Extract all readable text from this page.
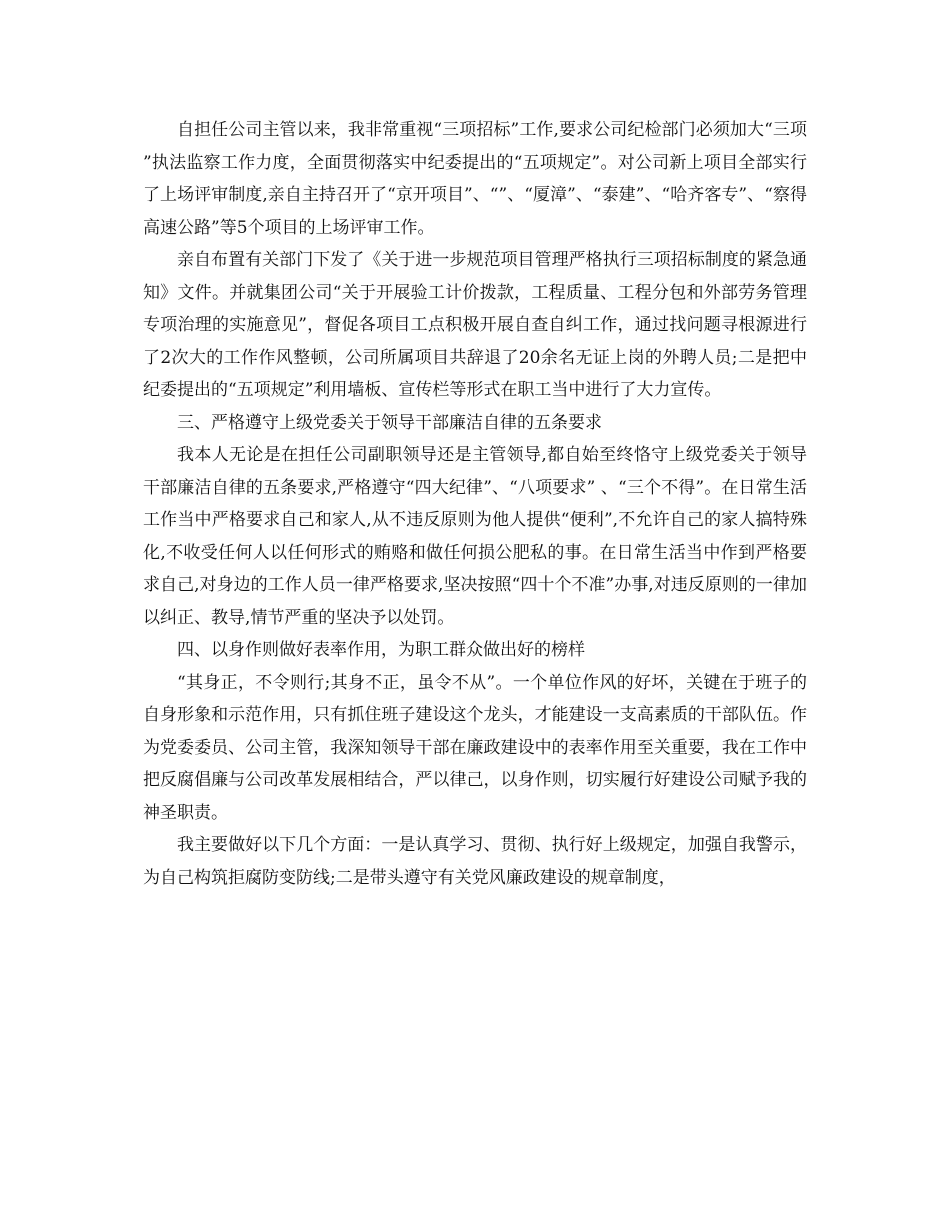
自担任公司主管以来，我非常重视“三项招标”工作,要求公司纪检部门必须加大“三项”执法监察工作力度，全面贯彻落实中纪委提出的“五项规定”。对公司新上项目全部实行了上场评审制度,亲自主持召开了“京开项目”、“”、“厦漳”、“泰建”、“哈齐客专”、“察得高速公路”等5个项目的上场评审工作。

亲自布置有关部门下发了《关于进一步规范项目管理严格执行三项招标制度的紧急通知》文件。并就集团公司“关于开展验工计价拨款，工程质量、工程分包和外部劳务管理专项治理的实施意见”，督促各项目工点积极开展自查自纠工作，通过找问题寻根源进行了2次大的工作作风整顿，公司所属项目共辞退了20余名无证上岗的外聘人员;二是把中纪委提出的“五项规定”利用墙板、宣传栏等形式在职工当中进行了大力宣传。

三、严格遵守上级党委关于领导干部廉洁自律的五条要求

我本人无论是在担任公司副职领导还是主管领导,都自始至终恪守上级党委关于领导干部廉洁自律的五条要求,严格遵守“四大纪律”、“八项要求” 、“三个不得”。在日常生活工作当中严格要求自己和家人,从不违反原则为他人提供“便利”,不允许自己的家人搞特殊化,不收受任何人以任何形式的贿赂和做任何损公肥私的事。在日常生活当中作到严格要求自己,对身边的工作人员一律严格要求,坚决按照“四十个不准”办事,对违反原则的一律加以纠正、教导,情节严重的坚决予以处罚。

四、以身作则做好表率作用，为职工群众做出好的榜样

“其身正，不令则行;其身不正，虽令不从”。一个单位作风的好坏，关键在于班子的自身形象和示范作用，只有抓住班子建设这个龙头，才能建设一支高素质的干部队伍。作为党委委员、公司主管，我深知领导干部在廉政建设中的表率作用至关重要，我在工作中把反腐倡廉与公司改革发展相结合，严以律己，以身作则，切实履行好建设公司赋予我的神圣职责。

我主要做好以下几个方面：一是认真学习、贯彻、执行好上级规定，加强自我警示，为自己构筑拒腐防变防线;二是带头遵守有关党风廉政建设的规章制度，
